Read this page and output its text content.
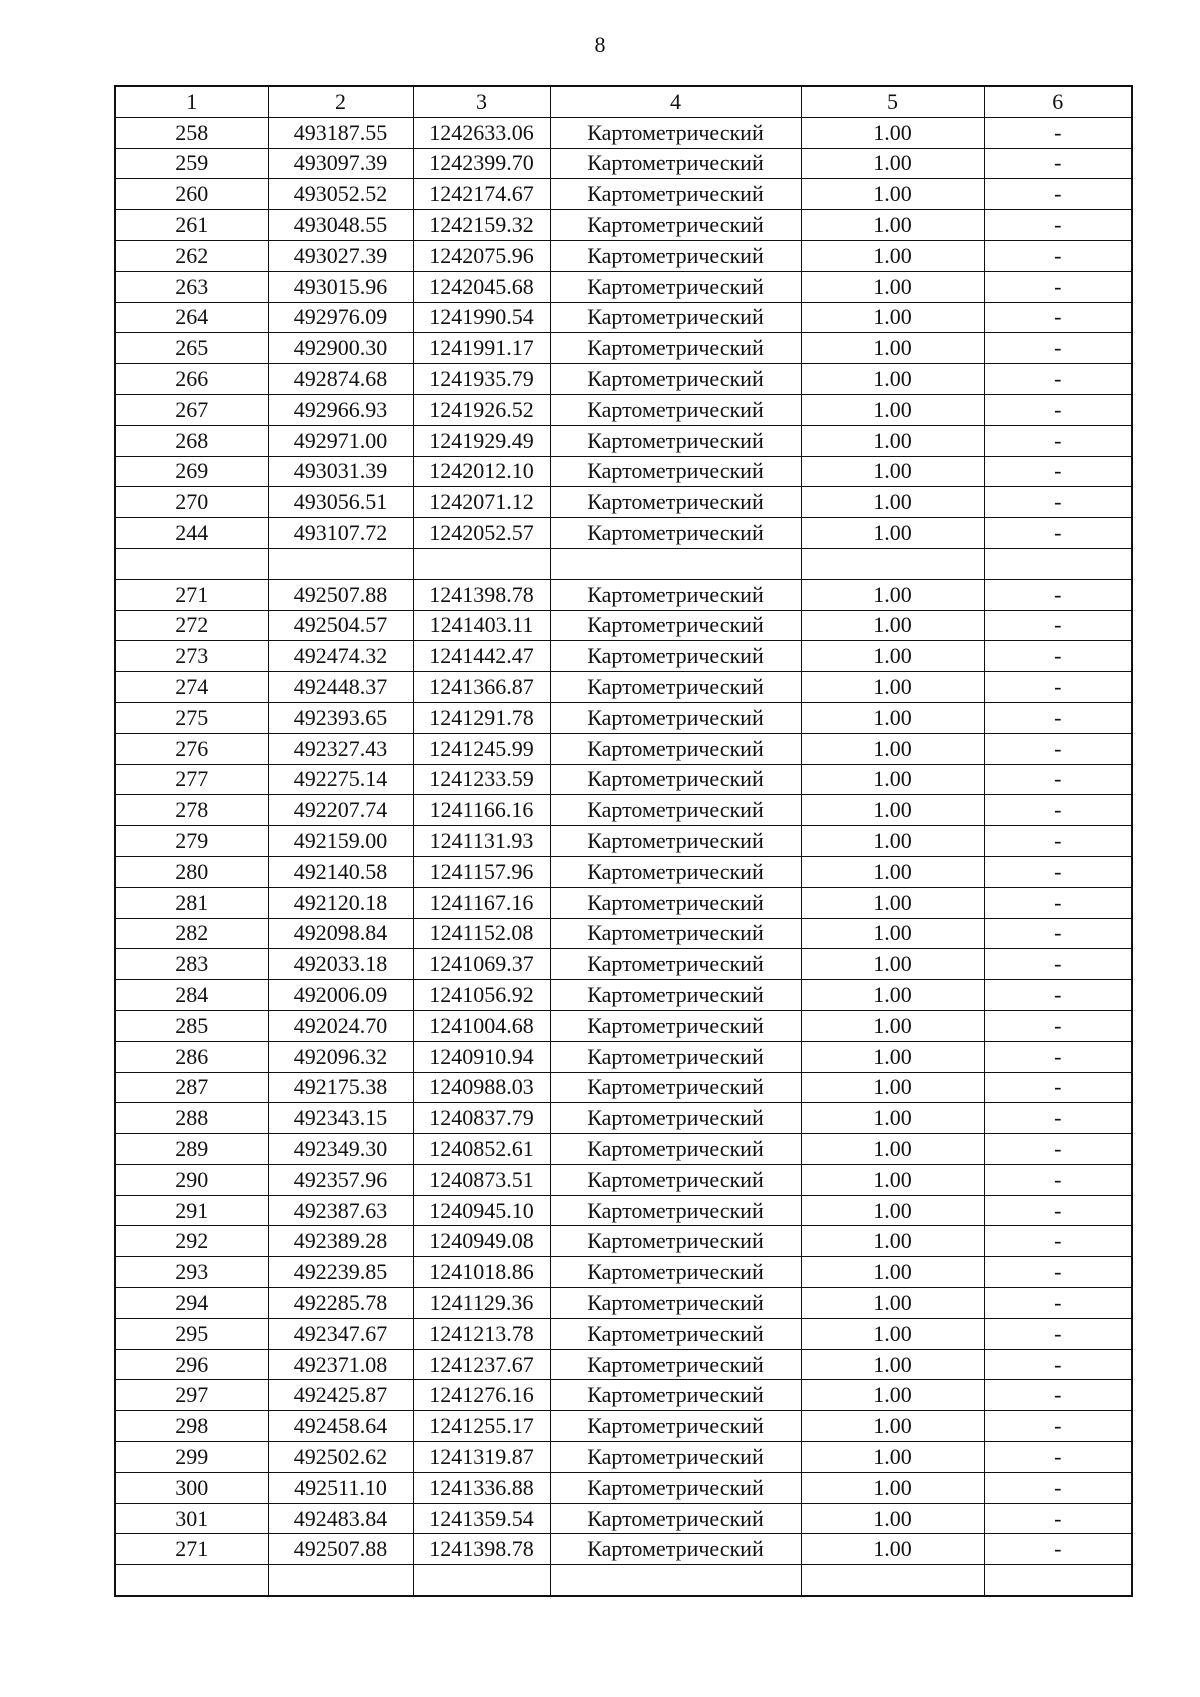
8
1	2	3	4	5	6
258	493187.55	1242633.06	Картометрический	1.00	-
259	493097.39	1242399.70	Картометрический	1.00	-
260	493052.52	1242174.67	Картометрический	1.00	-
261	493048.55	1242159.32	Картометрический	1.00	-
262	493027.39	1242075.96	Картометрический	1.00	-
263	493015.96	1242045.68	Картометрический	1.00	-
264	492976.09	1241990.54	Картометрический	1.00	-
265	492900.30	1241991.17	Картометрический	1.00	-
266	492874.68	1241935.79	Картометрический	1.00	-
267	492966.93	1241926.52	Картометрический	1.00	-
268	492971.00	1241929.49	Картометрический	1.00	-
269	493031.39	1242012.10	Картометрический	1.00	-
270	493056.51	1242071.12	Картометрический	1.00	-
244	493107.72	1242052.57	Картометрический	1.00	-

271	492507.88	1241398.78	Картометрический	1.00	-
272	492504.57	1241403.11	Картометрический	1.00	-
273	492474.32	1241442.47	Картометрический	1.00	-
274	492448.37	1241366.87	Картометрический	1.00	-
275	492393.65	1241291.78	Картометрический	1.00	-
276	492327.43	1241245.99	Картометрический	1.00	-
277	492275.14	1241233.59	Картометрический	1.00	-
278	492207.74	1241166.16	Картометрический	1.00	-
279	492159.00	1241131.93	Картометрический	1.00	-
280	492140.58	1241157.96	Картометрический	1.00	-
281	492120.18	1241167.16	Картометрический	1.00	-
282	492098.84	1241152.08	Картометрический	1.00	-
283	492033.18	1241069.37	Картометрический	1.00	-
284	492006.09	1241056.92	Картометрический	1.00	-
285	492024.70	1241004.68	Картометрический	1.00	-
286	492096.32	1240910.94	Картометрический	1.00	-
287	492175.38	1240988.03	Картометрический	1.00	-
288	492343.15	1240837.79	Картометрический	1.00	-
289	492349.30	1240852.61	Картометрический	1.00	-
290	492357.96	1240873.51	Картометрический	1.00	-
291	492387.63	1240945.10	Картометрический	1.00	-
292	492389.28	1240949.08	Картометрический	1.00	-
293	492239.85	1241018.86	Картометрический	1.00	-
294	492285.78	1241129.36	Картометрический	1.00	-
295	492347.67	1241213.78	Картометрический	1.00	-
296	492371.08	1241237.67	Картометрический	1.00	-
297	492425.87	1241276.16	Картометрический	1.00	-
298	492458.64	1241255.17	Картометрический	1.00	-
299	492502.62	1241319.87	Картометрический	1.00	-
300	492511.10	1241336.88	Картометрический	1.00	-
301	492483.84	1241359.54	Картометрический	1.00	-
271	492507.88	1241398.78	Картометрический	1.00	-
